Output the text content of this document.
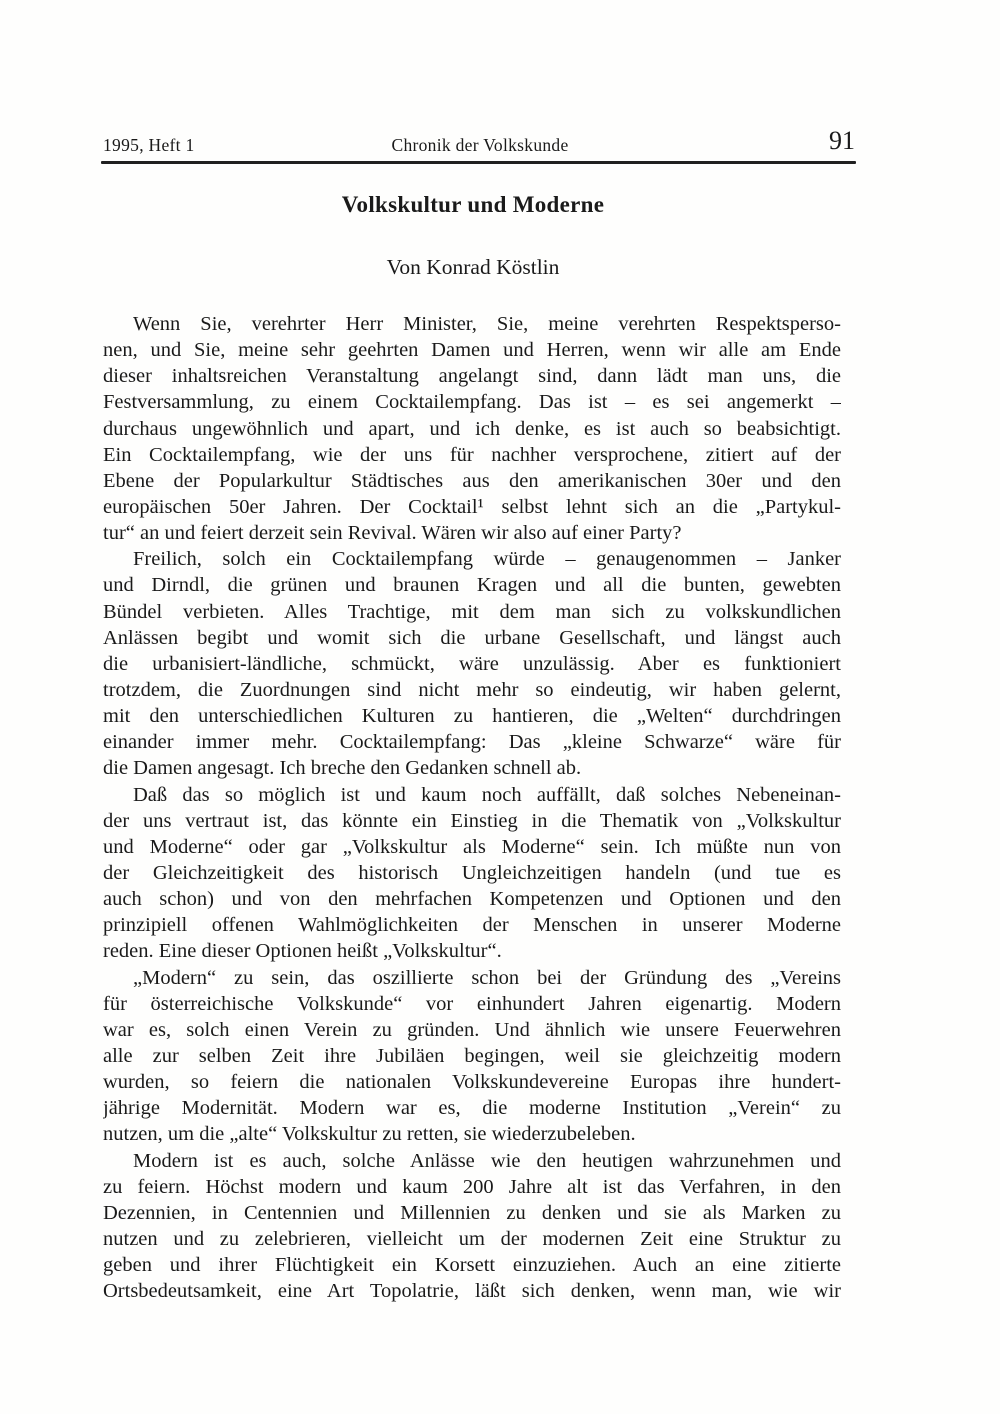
1995, Heft 1	Chronik der Volkskunde	91
Volkskultur und Moderne
Von Konrad Köstlin
Wenn Sie, verehrter Herr Minister, Sie, meine verehrten Respektsperso-
nen, und Sie, meine sehr geehrten Damen und Herren, wenn wir alle am Ende
dieser inhaltsreichen Veranstaltung angelangt sind, dann lädt man uns, die
Festversammlung, zu einem Cocktailempfang. Das ist – es sei angemerkt –
durchaus ungewöhnlich und apart, und ich denke, es ist auch so beabsichtigt.
Ein Cocktailempfang, wie der uns für nachher versprochene, zitiert auf der
Ebene der Popularkultur Städtisches aus den amerikanischen 30er und den
europäischen 50er Jahren. Der Cocktail¹ selbst lehnt sich an die „Partykul-
tur“ an und feiert derzeit sein Revival. Wären wir also auf einer Party?
Freilich, solch ein Cocktailempfang würde – genaugenommen – Janker
und Dirndl, die grünen und braunen Kragen und all die bunten, gewebten
Bündel verbieten. Alles Trachtige, mit dem man sich zu volkskundlichen
Anlässen begibt und womit sich die urbane Gesellschaft, und längst auch
die urbanisiert-ländliche, schmückt, wäre unzulässig. Aber es funktioniert
trotzdem, die Zuordnungen sind nicht mehr so eindeutig, wir haben gelernt,
mit den unterschiedlichen Kulturen zu hantieren, die „Welten“ durchdringen
einander immer mehr. Cocktailempfang: Das „kleine Schwarze“ wäre für
die Damen angesagt. Ich breche den Gedanken schnell ab.
Daß das so möglich ist und kaum noch auffällt, daß solches Nebeneinan-
der uns vertraut ist, das könnte ein Einstieg in die Thematik von „Volkskultur
und Moderne“ oder gar „Volkskultur als Moderne“ sein. Ich müßte nun von
der Gleichzeitigkeit des historisch Ungleichzeitigen handeln (und tue es
auch schon) und von den mehrfachen Kompetenzen und Optionen und den
prinzipiell offenen Wahlmöglichkeiten der Menschen in unserer Moderne
reden. Eine dieser Optionen heißt „Volkskultur“.
„Modern“ zu sein, das oszillierte schon bei der Gründung des „Vereins
für österreichische Volkskunde“ vor einhundert Jahren eigenartig. Modern
war es, solch einen Verein zu gründen. Und ähnlich wie unsere Feuerwehren
alle zur selben Zeit ihre Jubiläen begingen, weil sie gleichzeitig modern
wurden, so feiern die nationalen Volkskundevereine Europas ihre hundert-
jährige Modernität. Modern war es, die moderne Institution „Verein“ zu
nutzen, um die „alte“ Volkskultur zu retten, sie wiederzubeleben.
Modern ist es auch, solche Anlässe wie den heutigen wahrzunehmen und
zu feiern. Höchst modern und kaum 200 Jahre alt ist das Verfahren, in den
Dezennien, in Centennien und Millennien zu denken und sie als Marken zu
nutzen und zu zelebrieren, vielleicht um der modernen Zeit eine Struktur zu
geben und ihrer Flüchtigkeit ein Korsett einzuziehen. Auch an eine zitierte
Ortsbedeutsamkeit, eine Art Topolatrie, läßt sich denken, wenn man, wie wir
